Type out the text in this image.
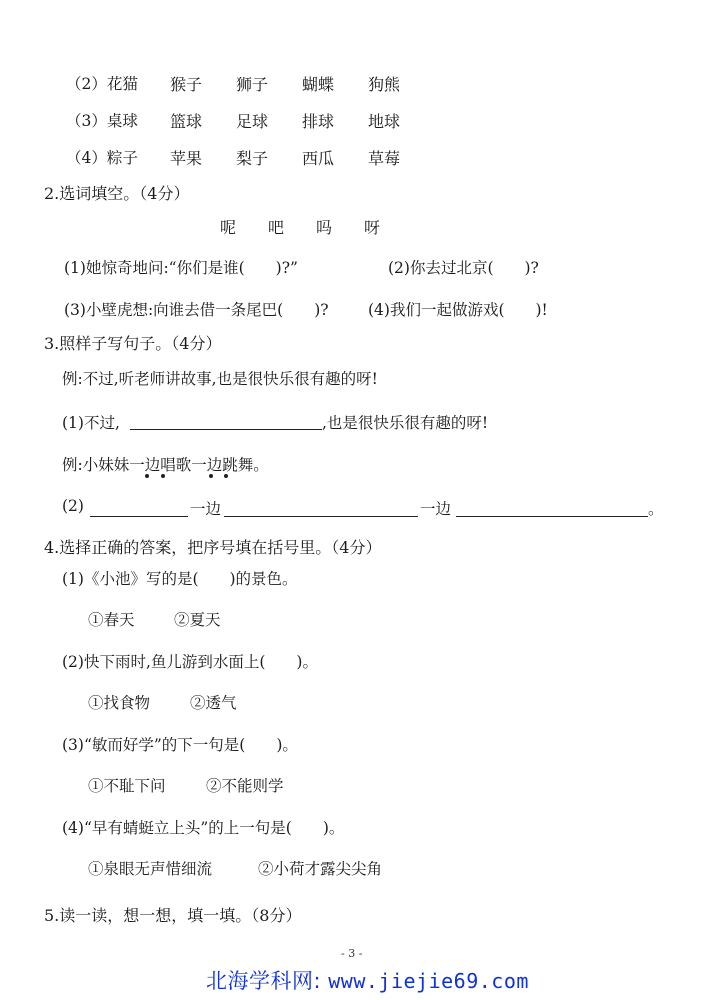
（2）花猫 猴子 狮子 蝴蝶 狗熊
（3）桌球 篮球 足球 排球 地球
（4）粽子 苹果 梨子 西瓜 草莓
2.选词填空。（4分）
呢 吧 吗 呀
(1)她惊奇地问:“你们是谁(　　)?”	(2)你去过北京(　　)?
(3)小壁虎想:向谁去借一条尾巴(　　)?	(4)我们一起做游戏(　　)!
3.照样子写句子。（4分）
例:不过,听老师讲故事,也是很快乐很有趣的呀!
(1)不过,	,也是很快乐很有趣的呀!
例:小妹妹一边唱歌一边跳舞。
(2)	一边	一边	。
4.选择正确的答案，把序号填在括号里。（4分）
(1)《小池》写的是(　　)的景色。
①春天	②夏天
(2)快下雨时,鱼儿游到水面上(　　)。
①找食物	②透气
(3)“敏而好学”的下一句是(　　)。
①不耻下问	②不能则学
(4)“早有蜻蜓立上头”的上一句是(　　)。
①泉眼无声惜细流	②小荷才露尖尖角
5.读一读，想一想，填一填。（8分）
- 3 -
北海学科网: www.jiejie69.com
